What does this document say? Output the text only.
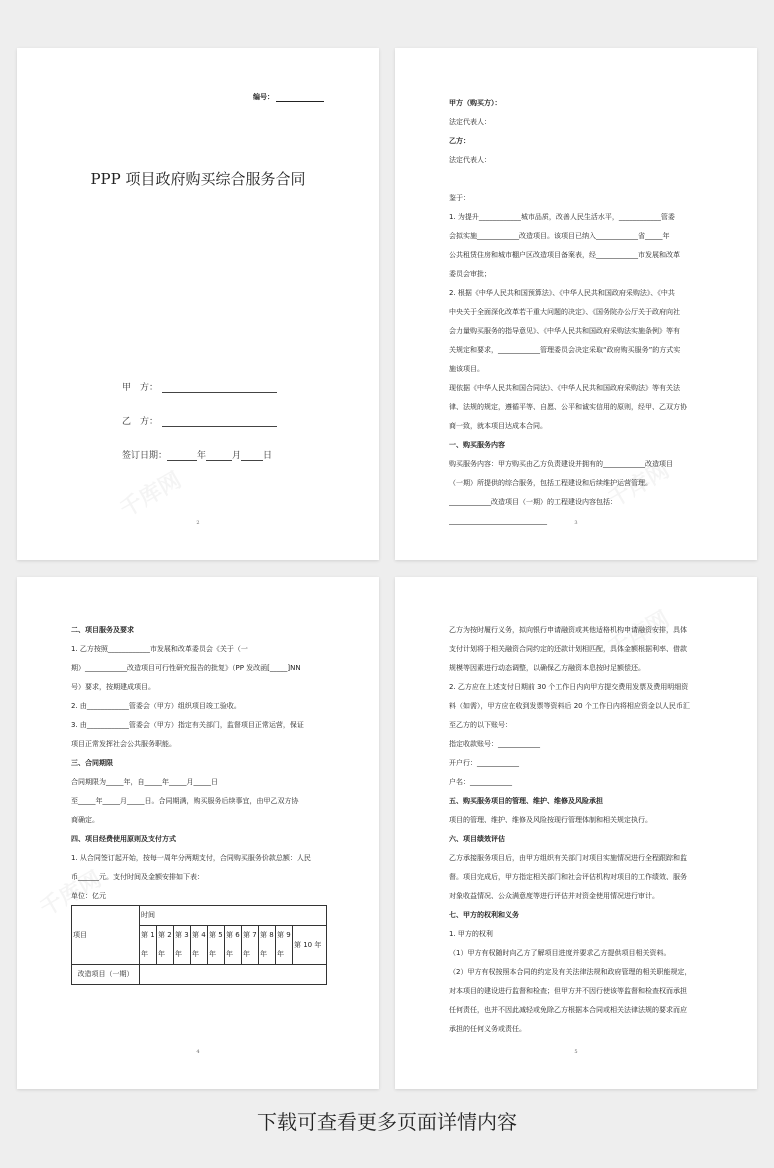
编号：
PPP 项目政府购买综合服务合同
甲　方：
乙　方：
签订日期：	年	月 日
2
甲方（购买方）：
法定代表人：
乙方：
法定代表人：
鉴于：
1. 为提升____________城市品质，改善人民生活水平，____________管委
会拟实施____________改造项目。该项目已纳入____________省_____年
公共租赁住房和城市棚户区改造项目备案表，经____________市发展和改革
委员会审批；
2. 根据《中华人民共和国预算法》、《中华人民共和国政府采购法》、《中共
中央关于全面深化改革若干重大问题的决定》、《国务院办公厅关于政府向社
会力量购买服务的指导意见》、《中华人民共和国政府采购法实施条例》等有
关规定和要求，____________管理委员会决定采取“政府购买服务”的方式实
施该项目。
现依据《中华人民共和国合同法》、《中华人民共和国政府采购法》等有关法
律、法规的规定，遵循平等、自愿、公平和诚实信用的原则，经甲、乙双方协
商一致，就本项目达成本合同。
一、购买服务内容
购买服务内容：甲方购买由乙方负责建设并拥有的____________改造项目
（一期）所提供的综合服务，包括工程建设和后续维护运营管理。
____________改造项目（一期）的工程建设内容包括：
____________________________	3
二、项目服务及要求
1. 乙方按照____________市发展和改革委员会《关于（一
期）____________改造项目可行性研究报告的批复》（PP 发改函[_____]NN
号）要求，按期建成项目。
2. 由____________管委会（甲方）组织项目竣工验收。
3. 由____________管委会（甲方）指定有关部门，监督项目正常运营，保证
项目正常发挥社会公共服务职能。
三、合同期限
合同期限为_____年，自_____年_____月_____日
至_____年_____月_____日。合同期满，购买服务后续事宜，由甲乙双方协
商确定。
四、项目经费使用原则及支付方式
1. 从合同签订起开始，按每一周年分两期支付，合同购买服务价款总额：人民
币______元。支付时间及金额安排如下表：
单位：亿元
项目	时间									
	第 1 年	第 2 年	第 3 年	第 4 年	第 5 年	第 6 年	第 7 年	第 8 年	第 9 年	第 10 年
改造项目（一期）										
4
乙方为按时履行义务，拟向银行申请融资或其他适格机构申请融资安排，具体
支付计划将于相关融资合同约定的还款计划相匹配，具体金额根据利率、借款
规模等因素进行动态调整，以确保乙方融资本息按时足额偿还。
2. 乙方应在上述支付日期前 30 个工作日内向甲方提交费用发票及费用明细资
料（如需），甲方应在收到发票等资料后 20 个工作日内将相应资金以人民币汇
至乙方的以下账号：
指定收款账号：____________
开户行：____________
户名：____________
五、购买服务项目的管理、维护、维修及风险承担
项目的管理、维护、维修及风险按现行管理体制和相关规定执行。
六、项目绩效评估
乙方承接服务项目后，由甲方组织有关部门对项目实施情况进行全程跟踪和监
督。项目完成后，甲方指定相关部门和社会评估机构对项目的工作绩效、服务
对象收益情况、公众满意度等进行评估并对资金使用情况进行审计。
七、甲方的权利和义务
1. 甲方的权利
（1）甲方有权随时向乙方了解项目进度并要求乙方提供项目相关资料。
（2）甲方有权按照本合同的约定及有关法律法规和政府管理的相关职能规定，
对本项目的建设进行监督和检查；但甲方并不因行使该等监督和检查权而承担
任何责任，也并不因此减轻或免除乙方根据本合同或相关法律法规的要求而应
承担的任何义务或责任。
5
下载可查看更多页面详情内容
